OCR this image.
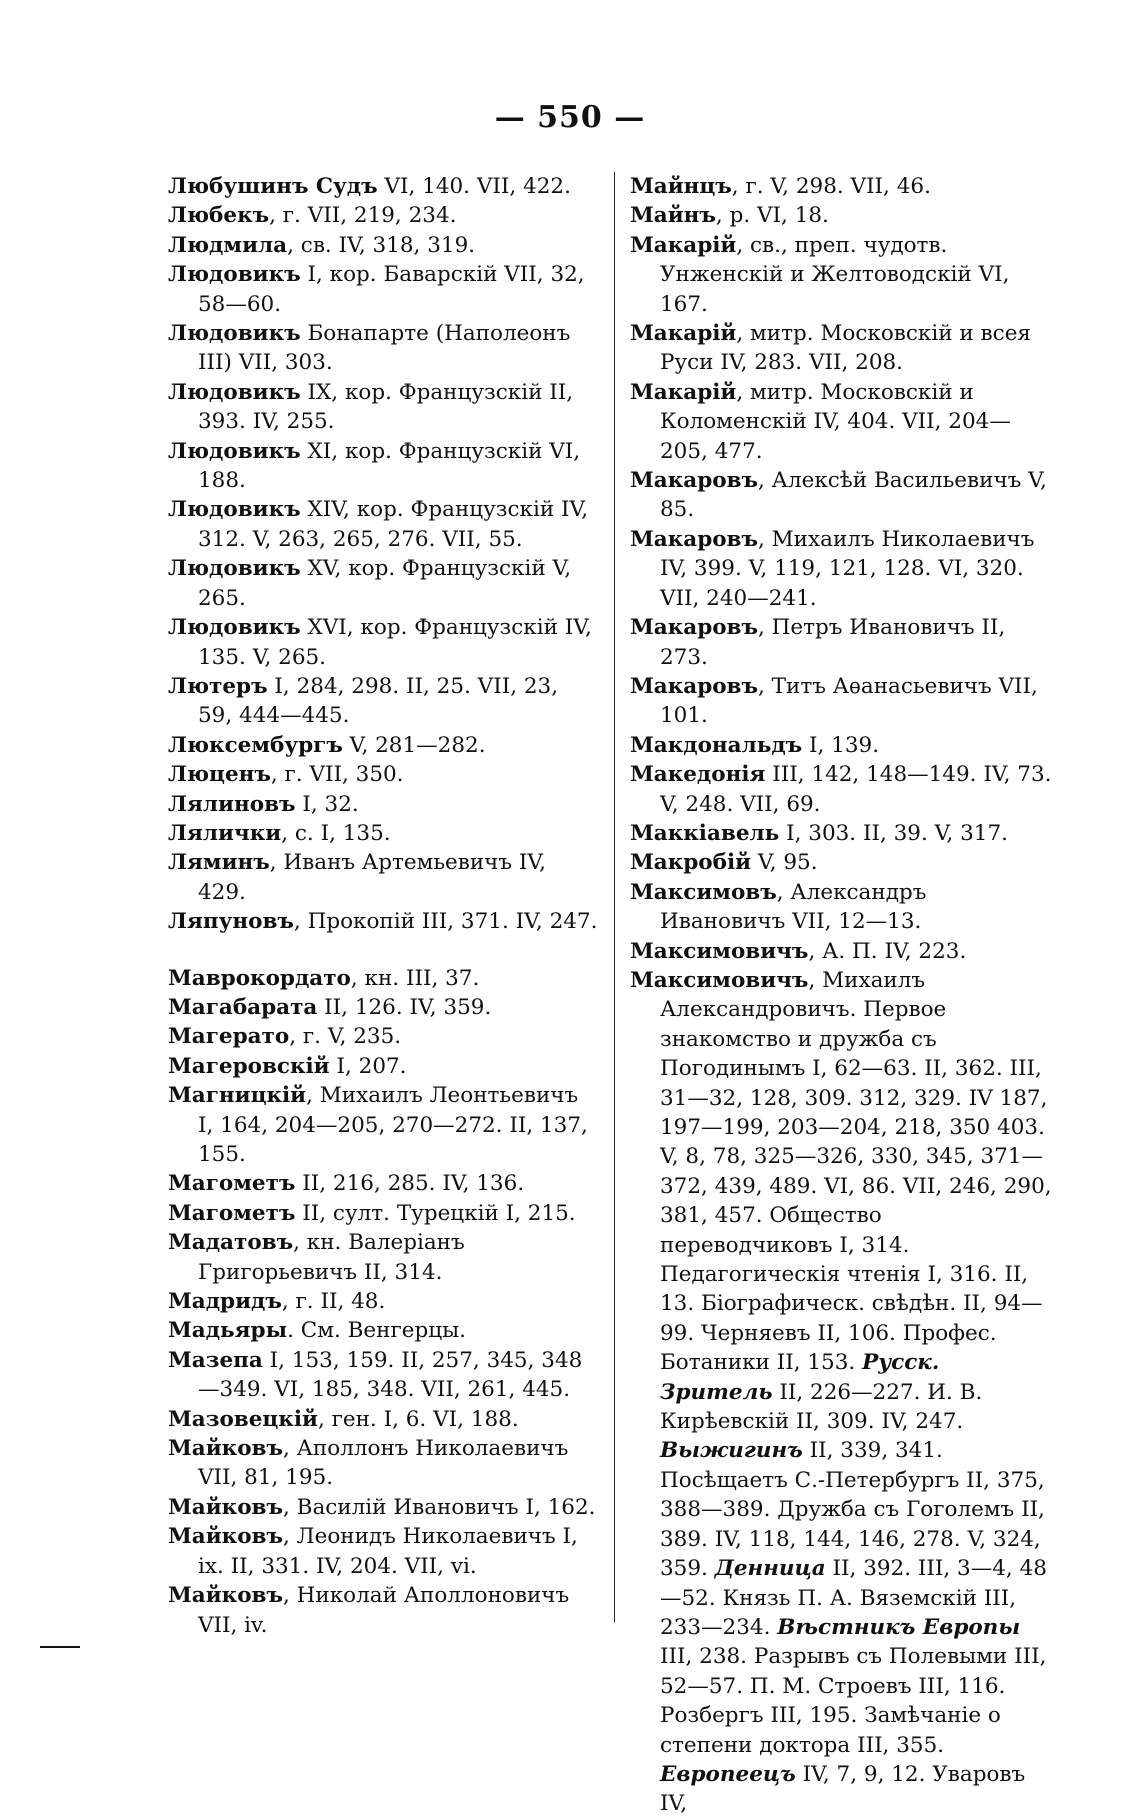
— 550 —
Любушинъ Судъ VI, 140. VII, 422.
Любекъ, г. VII, 219, 234.
Людмила, св. IV, 318, 319.
Людовикъ I, кор. Баварскій VII, 32, 58—60.
Людовикъ Бонапарте (Наполеонъ III) VII, 303.
Людовикъ IX, кор. Французскій II, 393. IV, 255.
Людовикъ XI, кор. Французскій VI, 188.
Людовикъ XIV, кор. Французскій IV, 312. V, 263, 265, 276. VII, 55.
Людовикъ XV, кор. Французскій V, 265.
Людовикъ XVI, кор. Французскій IV, 135. V, 265.
Лютеръ I, 284, 298. II, 25. VII, 23, 59, 444—445.
Люксембургъ V, 281—282.
Люценъ, г. VII, 350.
Лялиновъ I, 32.
Лялички, с. I, 135.
Ляминъ, Иванъ Артемьевичъ IV, 429.
Ляпуновъ, Прокопій III, 371. IV, 247.
Маврокордато, кн. III, 37.
Магабарата II, 126. IV, 359.
Магерато, г. V, 235.
Магеровскій I, 207.
Магницкій, Михаилъ Леонтьевичъ I, 164, 204—205, 270—272. II, 137, 155.
Магометъ II, 216, 285. IV, 136.
Магометъ II, султ. Турецкій I, 215.
Мадатовъ, кн. Валеріанъ Григорьевичъ II, 314.
Мадридъ, г. II, 48.
Мадьяры. См. Венгерцы.
Мазепа I, 153, 159. II, 257, 345, 348—349. VI, 185, 348. VII, 261, 445.
Мазовецкій, ген. I, 6. VI, 188.
Майковъ, Аполлонъ Николаевичъ VII, 81, 195.
Майковъ, Василій Ивановичъ I, 162.
Майковъ, Леонидъ Николаевичъ I, ix. II, 331. IV, 204. VII, vi.
Майковъ, Николай Аполлоновичъ VII, iv.
Майнцъ, г. V, 298. VII, 46.
Майнъ, р. VI, 18.
Макарій, св., преп. чудотв. Унженскій и Желтоводскій VI, 167.
Макарій, митр. Московскій и всея Руси IV, 283. VII, 208.
Макарій, митр. Московскій и Коломенскій IV, 404. VII, 204—205, 477.
Макаровъ, Алексѣй Васильевичъ V, 85.
Макаровъ, Михаилъ Николаевичъ IV, 399. V, 119, 121, 128. VI, 320. VII, 240—241.
Макаровъ, Петръ Ивановичъ II, 273.
Макаровъ, Титъ Аѳанасьевичъ VII, 101.
Макдональдъ I, 139.
Македонія III, 142, 148—149. IV, 73. V, 248. VII, 69.
Маккіавель I, 303. II, 39. V, 317.
Макробій V, 95.
Максимовъ, Александръ Ивановичъ VII, 12—13.
Максимовичъ, А. П. IV, 223.
Максимовичъ, Михаилъ Александровичъ. Первое знакомство и дружба съ Погодинымъ I, 62—63. II, 362. III, 31—32, 128, 309. 312, 329. IV 187, 197—199, 203—204, 218, 350 403. V, 8, 78, 325—326, 330, 345, 371—372, 439, 489. VI, 86. VII, 246, 290, 381, 457. Общество переводчиковъ I, 314. Педагогическія чтенія I, 316. II, 13. Біографическ. свѣдѣн. II, 94—99. Черняевъ II, 106. Профес. Ботаники II, 153. Русск. Зритель II, 226—227. И. В. Кирѣевскій II, 309. IV, 247. Выжигинъ II, 339, 341. Посѣщаетъ С.-Петербургъ II, 375, 388—389. Дружба съ Гоголемъ II, 389. IV, 118, 144, 146, 278. V, 324, 359. Денница II, 392. III, 3—4, 48—52. Князь П. А. Вяземскій III, 233—234. Вѣстникъ Европы III, 238. Разрывъ съ Полевыми III, 52—57. П. М. Строевъ III, 116. Розбергъ III, 195. Замѣчаніе о степени доктора III, 355. Европеецъ IV, 7, 9, 12. Уваровъ IV,
